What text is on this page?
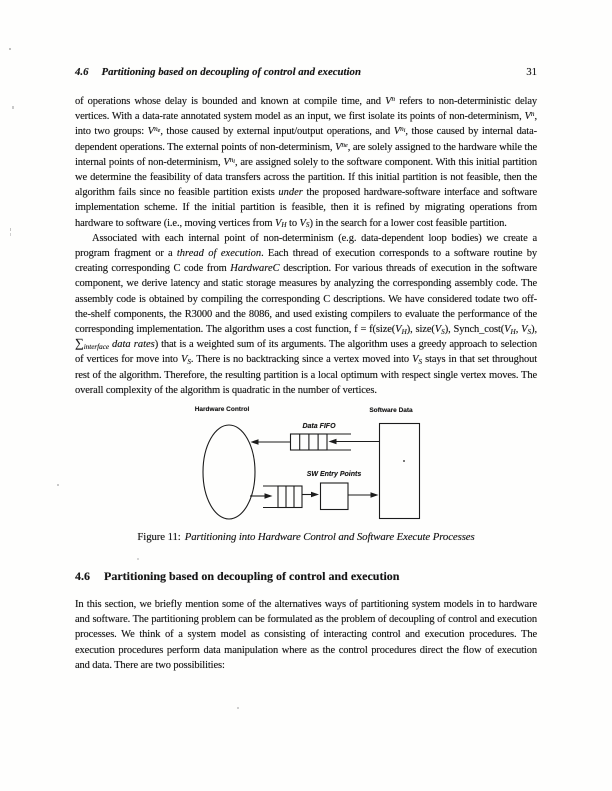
4.6 Partitioning based on decoupling of control and execution	31

of operations whose delay is bounded and known at compile time, and $V^n$ refers to non-deterministic delay vertices. With a data-rate annotated system model as an input, we first isolate its points of non-determinism, $V^n$, into two groups: $V^{ne}$, those caused by external input/output operations, and $V^{ni}$, those caused by internal data-dependent operations. The external points of non-determinism, $V^{ne}$, are solely assigned to the hardware while the internal points of non-determinism, $V^{ni}$, are assigned solely to the software component. With this initial partition we determine the feasibility of data transfers across the partition. If this initial partition is not feasible, then the algorithm fails since no feasible partition exists under the proposed hardware-software interface and software implementation scheme. If the initial partition is feasible, then it is refined by migrating operations from hardware to software (i.e., moving vertices from $V_H$ to $V_S$) in the search for a lower cost feasible partition.

Associated with each internal point of non-determinism (e.g. data-dependent loop bodies) we create a program fragment or a thread of execution. Each thread of execution corresponds to a software routine by creating corresponding C code from HardwareC description. For various threads of execution in the software component, we derive latency and static storage measures by analyzing the corresponding assembly code. The assembly code is obtained by compiling the corresponding C descriptions. We have considered todate two off-the-shelf components, the R3000 and the 8086, and used existing compilers to evaluate the performance of the corresponding implementation. The algorithm uses a cost function, $f = f(size(V_H)$, $size(V_S)$, $Synch\_\cos t(V_H$, $V_S$), $\sum_{interface}$ data rates) that is a weighted sum of its arguments. The algorithm uses a greedy approach to selection of vertices for move into $V_S$. There is no backtracking since a vertex moved into $V_S$ stays in that set throughout rest of the algorithm. Therefore, the resulting partition is a local optimum with respect single vertex moves. The overall complexity of the algorithm is quadratic in the number of vertices.

Hardware Control	Software Data
Data FIFO
SW Entry Points
Figure 11: Partitioning into Hardware Control and Software Execute Processes
4.6 Partitioning based on decoupling of control and execution

In this section, we briefly mention some of the alternatives ways of partitioning system models in to hardware and software. The partitioning problem can be formulated as the problem of decoupling of control and execution processes. We think of a system model as consisting of interacting control and execution procedures. The execution procedures perform data manipulation where as the control procedures direct the flow of execution and data. There are two possibilities:
